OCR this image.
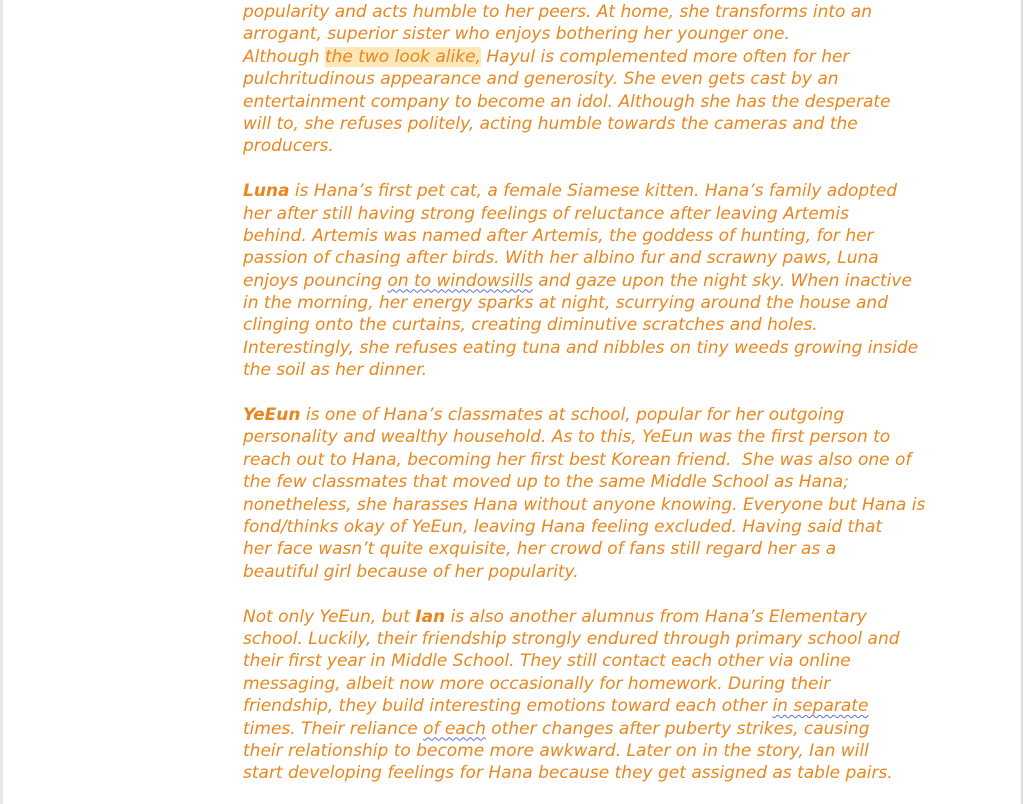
popularity and acts humble to her peers. At home, she transforms into an
arrogant, superior sister who enjoys bothering her younger one.
Although the two look alike, Hayul is complemented more often for her
pulchritudinous appearance and generosity. She even gets cast by an
entertainment company to become an idol. Although she has the desperate
will to, she refuses politely, acting humble towards the cameras and the
producers.
Luna is Hana’s first pet cat, a female Siamese kitten. Hana’s family adopted
her after still having strong feelings of reluctance after leaving Artemis
behind. Artemis was named after Artemis, the goddess of hunting, for her
passion of chasing after birds. With her albino fur and scrawny paws, Luna
enjoys pouncing on to windowsills and gaze upon the night sky. When inactive
in the morning, her energy sparks at night, scurrying around the house and
clinging onto the curtains, creating diminutive scratches and holes.
Interestingly, she refuses eating tuna and nibbles on tiny weeds growing inside
the soil as her dinner.
YeEun is one of Hana’s classmates at school, popular for her outgoing
personality and wealthy household. As to this, YeEun was the first person to
reach out to Hana, becoming her first best Korean friend.  She was also one of
the few classmates that moved up to the same Middle School as Hana;
nonetheless, she harasses Hana without anyone knowing. Everyone but Hana is
fond/thinks okay of YeEun, leaving Hana feeling excluded. Having said that
her face wasn’t quite exquisite, her crowd of fans still regard her as a
beautiful girl because of her popularity.
Not only YeEun, but Ian is also another alumnus from Hana’s Elementary
school. Luckily, their friendship strongly endured through primary school and
their first year in Middle School. They still contact each other via online
messaging, albeit now more occasionally for homework. During their
friendship, they build interesting emotions toward each other in separate
times. Their reliance of each other changes after puberty strikes, causing
their relationship to become more awkward. Later on in the story, Ian will
start developing feelings for Hana because they get assigned as table pairs.
